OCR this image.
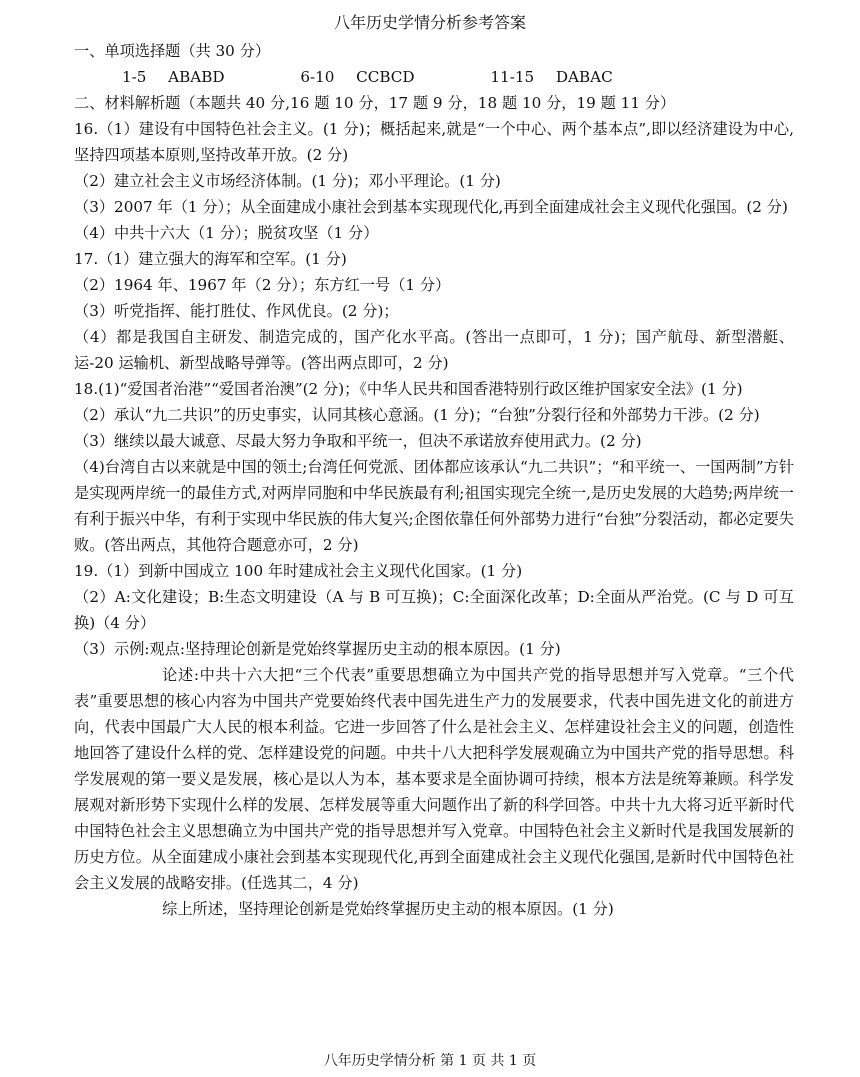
八年历史学情分析参考答案

一、单项选择题（共 30 分）

1-5  ABABD       6-10  CCBCD       11-15  DABAC

二、材料解析题（本题共 40 分,16 题 10 分，17 题 9 分，18 题 10 分，19 题 11 分）

16.（1）建设有中国特色社会主义。(1 分)；概括起来,就是“一个中心、两个基本点”,即以经济建设为中心,坚持四项基本原则,坚持改革开放。(2 分)

（2）建立社会主义市场经济体制。(1 分)；邓小平理论。(1 分)

（3）2007 年（1 分）；从全面建成小康社会到基本实现现代化,再到全面建成社会主义现代化强国。(2 分)

（4）中共十六大（1 分）；脱贫攻坚（1 分）

17.（1）建立强大的海军和空军。(1 分)

（2）1964 年、1967 年（2 分）；东方红一号（1 分）

（3）听党指挥、能打胜仗、作风优良。(2 分)；

（4）都是我国自主研发、制造完成的，国产化水平高。(答出一点即可，1 分)；国产航母、新型潜艇、运-20 运输机、新型战略导弹等。(答出两点即可，2 分)

18.(1)“爱国者治港”“爱国者治澳”(2 分)；《中华人民共和国香港特别行政区维护国家安全法》(1 分)

（2）承认“九二共识”的历史事实，认同其核心意涵。(1 分)；“台独”分裂行径和外部势力干涉。(2 分)

（3）继续以最大诚意、尽最大努力争取和平统一，但决不承诺放弃使用武力。(2 分)

（4)台湾自古以来就是中国的领土;台湾任何党派、团体都应该承认“九二共识”；“和平统一、一国两制”方针是实现两岸统一的最佳方式,对两岸同胞和中华民族最有利;祖国实现完全统一,是历史发展的大趋势;两岸统一有利于振兴中华，有利于实现中华民族的伟大复兴;企图依靠任何外部势力进行“台独”分裂活动，都必定要失败。(答出两点，其他符合题意亦可，2 分)

19.（1）到新中国成立 100 年时建成社会主义现代化国家。(1 分)

（2）A:文化建设；B:生态文明建设（A 与 B 可互换)；C:全面深化改革；D:全面从严治党。(C 与 D 可互换)（4 分）

（3）示例:观点:坚持理论创新是党始终掌握历史主动的根本原因。(1 分)

论述:中共十六大把“三个代表”重要思想确立为中国共产党的指导思想并写入党章。“三个代表”重要思想的核心内容为中国共产党要始终代表中国先进生产力的发展要求，代表中国先进文化的前进方向，代表中国最广大人民的根本利益。它进一步回答了什么是社会主义、怎样建设社会主义的问题，创造性地回答了建设什么样的党、怎样建设党的问题。中共十八大把科学发展观确立为中国共产党的指导思想。科学发展观的第一要义是发展，核心是以人为本，基本要求是全面协调可持续，根本方法是统筹兼顾。科学发展观对新形势下实现什么样的发展、怎样发展等重大问题作出了新的科学回答。中共十九大将习近平新时代中国特色社会主义思想确立为中国共产党的指导思想并写入党章。中国特色社会主义新时代是我国发展新的历史方位。从全面建成小康社会到基本实现现代化,再到全面建成社会主义现代化强国,是新时代中国特色社会主义发展的战略安排。(任选其二，4 分)

综上所述，坚持理论创新是党始终掌握历史主动的根本原因。(1 分)

八年历史学情分析 第 1 页 共 1 页
